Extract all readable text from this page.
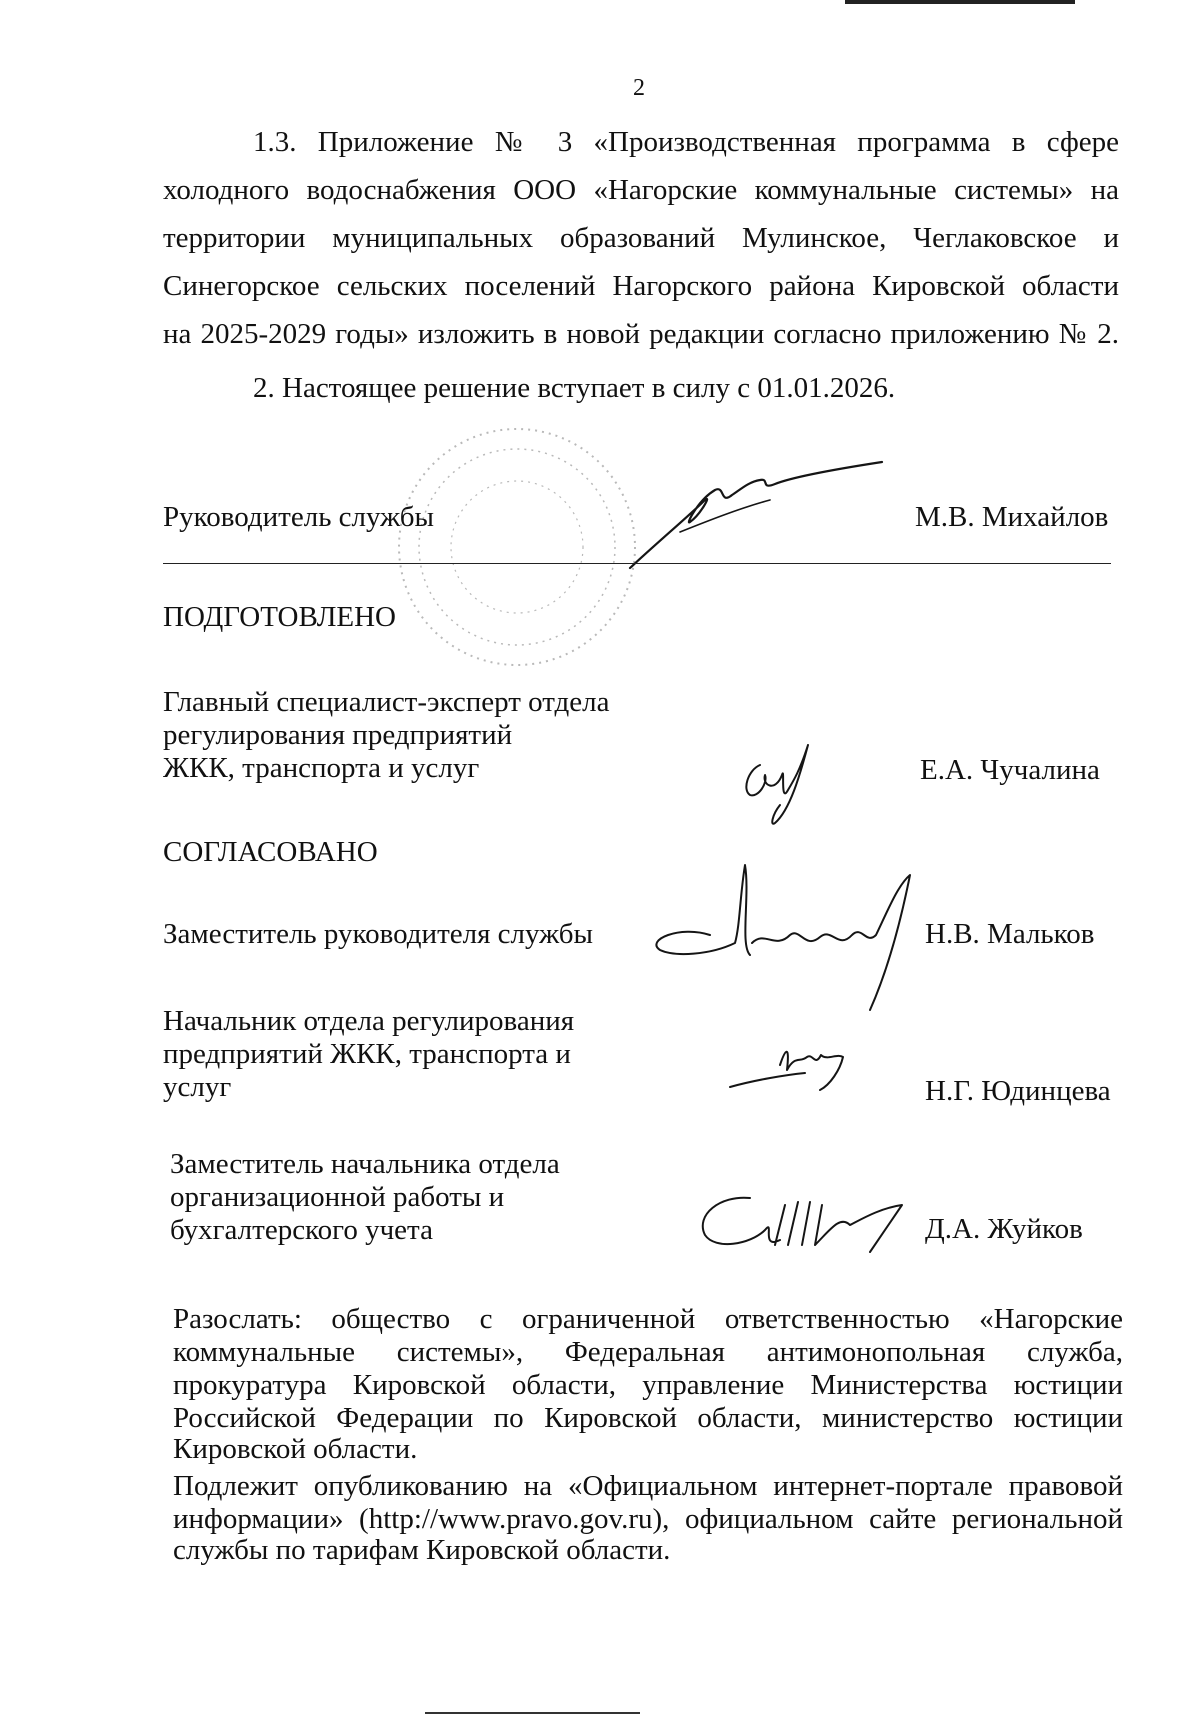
2
1.3. Приложение № 3 «Производственная программа в сфере
холодного водоснабжения ООО «Нагорские коммунальные системы» на
территории муниципальных образований Мулинское, Чеглаковское и
Синегорское сельских поселений Нагорского района Кировской области
на 2025-2029 годы» изложить в новой редакции согласно приложению № 2.
2. Настоящее решение вступает в силу с 01.01.2026.
Руководитель службы	М.В. Михайлов
ПОДГОТОВЛЕНО
Главный специалист-эксперт отдела
регулирования предприятий
ЖКК, транспорта и услуг	Е.А. Чучалина
СОГЛАСОВАНО
Заместитель руководителя службы	Н.В. Мальков
Начальник отдела регулирования
предприятий ЖКК, транспорта и
услуг	Н.Г. Юдинцева
Заместитель начальника отдела
организационной работы и
бухгалтерского учета	Д.А. Жуйков
Разослать: общество с ограниченной ответственностью «Нагорские
коммунальные системы», Федеральная антимонопольная служба,
прокуратура Кировской области, управление Министерства юстиции
Российской Федерации по Кировской области, министерство юстиции
Кировской области.
Подлежит опубликованию на «Официальном интернет-портале правовой
информации» (http://www.pravo.gov.ru), официальном сайте региональной
службы по тарифам Кировской области.
